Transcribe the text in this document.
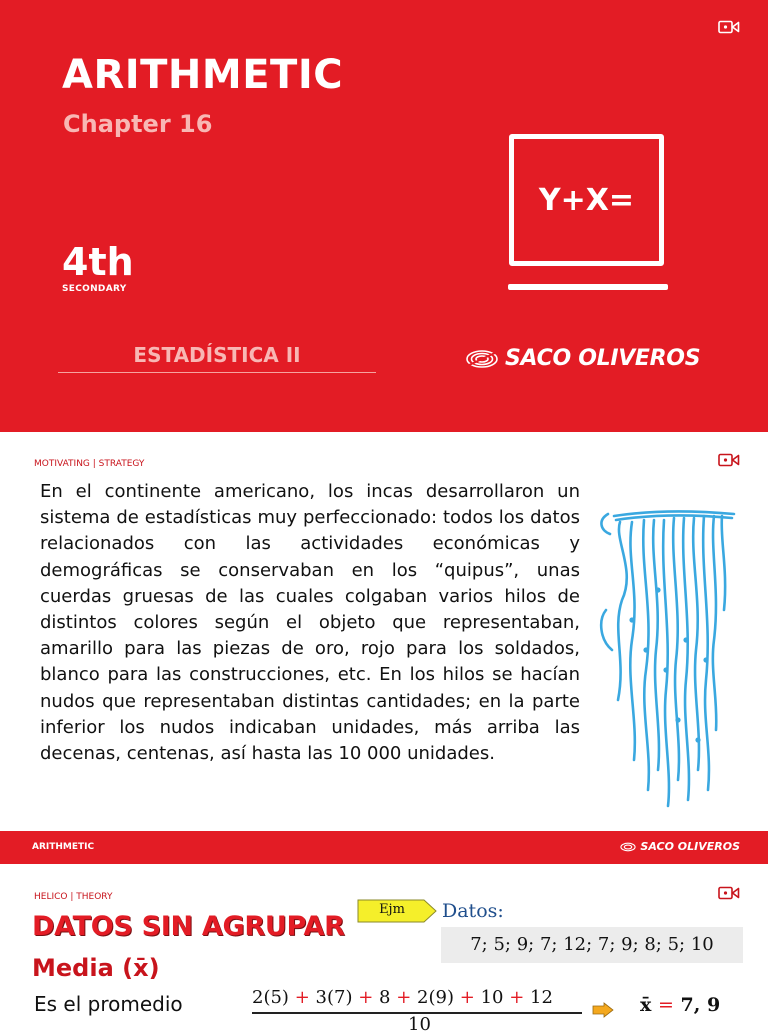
ARITHMETIC
Chapter 16
4th
SECONDARY
ESTADÍSTICA II
Y+X=
SACO OLIVEROS
MOTIVATING | STRATEGY

En el continente americano, los incas desarrollaron un sistema de estadísticas muy perfeccionado: todos los datos relacionados con las actividades económicas y demográficas se conservaban en los “quipus”, unas cuerdas gruesas de las cuales colgaban varios hilos de distintos colores según el objeto que representaban, amarillo para las piezas de oro, rojo para los soldados, blanco para las construcciones, etc. En los hilos se hacían nudos que representaban distintas cantidades; en la parte inferior los nudos indicaban unidades, más arriba las decenas, centenas, así hasta las 10 000 unidades.

ARITHMETIC	SACO OLIVEROS
HELICO | THEORY
DATOS SIN AGRUPAR
Ejm	Datos:
7; 5; 9; 7; 12; 7; 9; 8; 5; 10
Media (x̄)
Es el promedio	2(5) + 3(7) + 8 + 2(9) + 10 + 12
10
x̄ = 7, 9
